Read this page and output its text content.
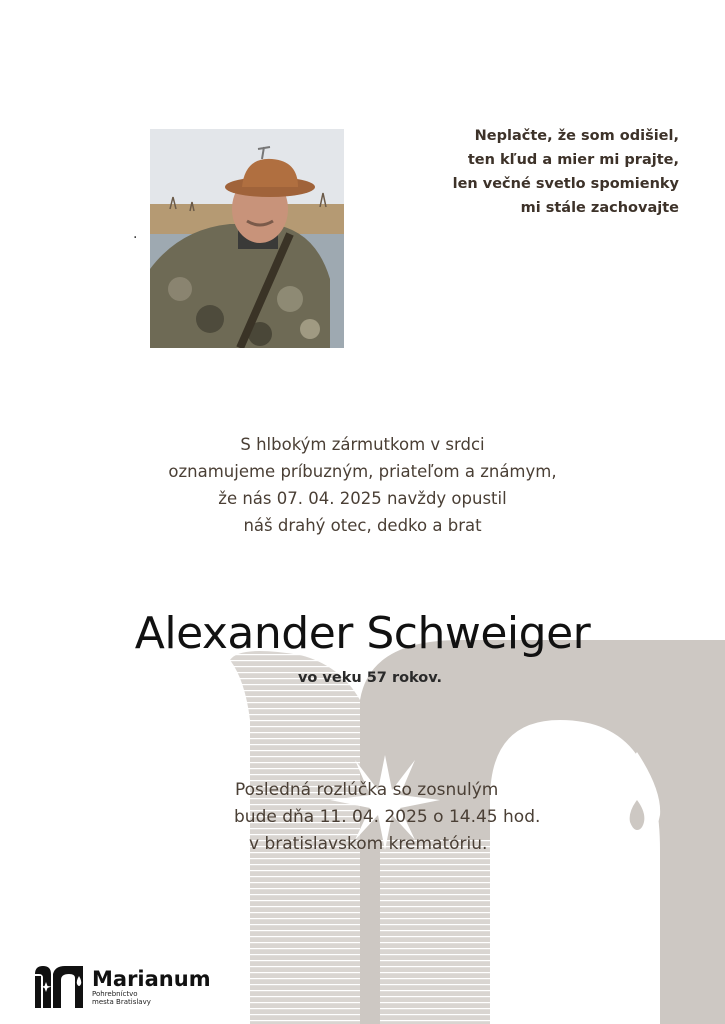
.
Neplačte, že som odišiel,
ten kľud a mier mi prajte,
len večné svetlo spomienky
mi stále zachovajte
S hlbokým zármutkom v srdci
oznamujeme príbuzným, priateľom a známym,
že nás 07. 04. 2025 navždy opustil
náš drahý otec, dedko a brat
Alexander Schweiger
vo veku 57 rokov.
Posledná rozlúčka so zosnulým
bude dňa 11. 04. 2025 o 14.45 hod.
v bratislavskom krematóriu.
Marianum
Pohrebníctvo
mesta Bratislavy
